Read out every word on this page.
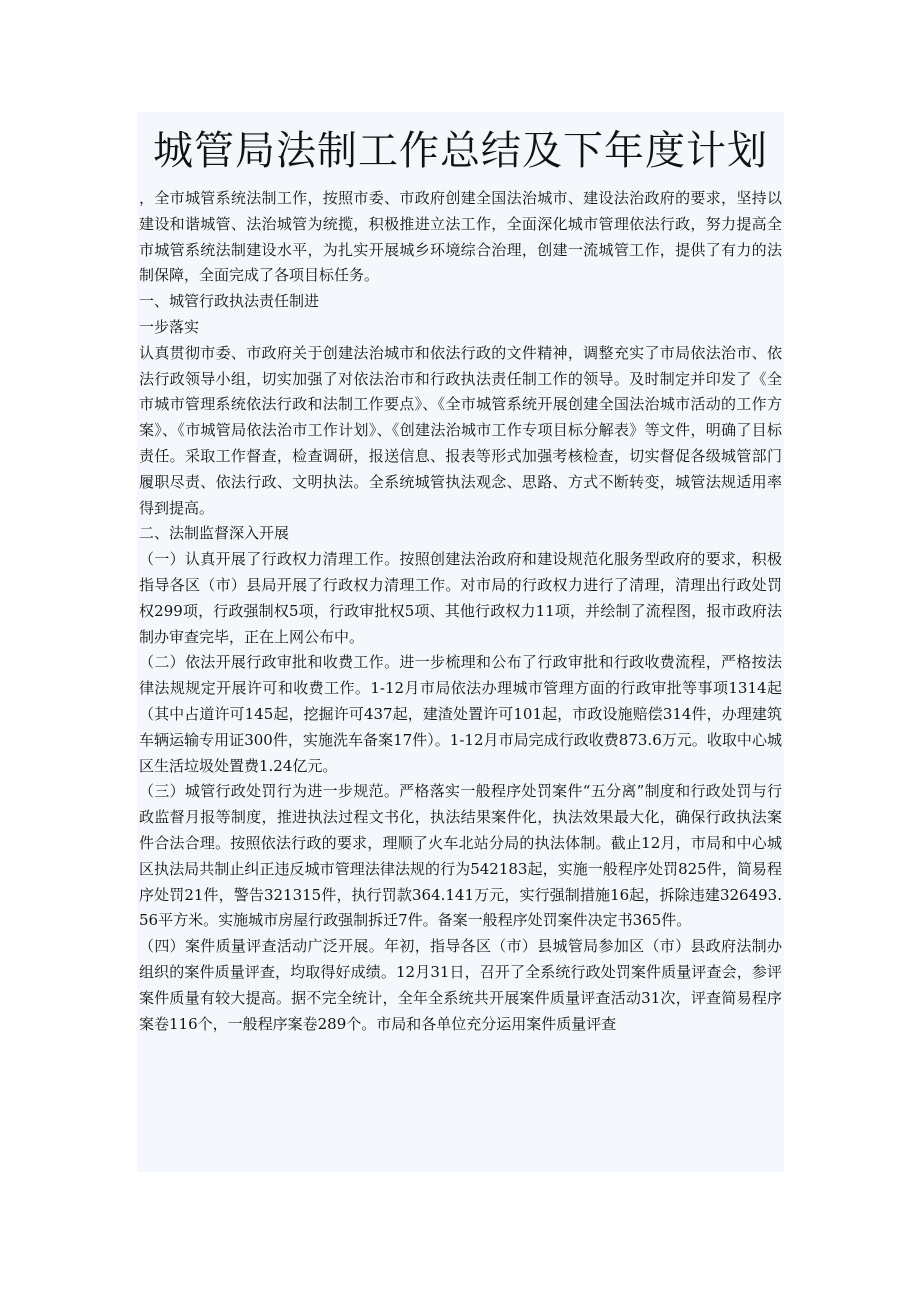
城管局法制工作总结及下年度计划

，全市城管系统法制工作，按照市委、市政府创建全国法治城市、建设法治政府的要求，坚持以建设和谐城管、法治城管为统揽，积极推进立法工作，全面深化城市管理依法行政，努力提高全市城管系统法制建设水平，为扎实开展城乡环境综合治理，创建一流城管工作，提供了有力的法制保障，全面完成了各项目标任务。

一、城管行政执法责任制进

一步落实

认真贯彻市委、市政府关于创建法治城市和依法行政的文件精神，调整充实了市局依法治市、依法行政领导小组，切实加强了对依法治市和行政执法责任制工作的领导。及时制定并印发了《全市城市管理系统依法行政和法制工作要点》、《全市城管系统开展创建全国法治城市活动的工作方案》、《市城管局依法治市工作计划》、《创建法治城市工作专项目标分解表》等文件，明确了目标责任。采取工作督查，检查调研，报送信息、报表等形式加强考核检查，切实督促各级城管部门履职尽责、依法行政、文明执法。全系统城管执法观念、思路、方式不断转变，城管法规适用率得到提高。

二、法制监督深入开展

（一）认真开展了行政权力清理工作。按照创建法治政府和建设规范化服务型政府的要求，积极指导各区（市）县局开展了行政权力清理工作。对市局的行政权力进行了清理，清理出行政处罚权299项，行政强制权5项，行政审批权5项、其他行政权力11项，并绘制了流程图，报市政府法制办审查完毕，正在上网公布中。

（二）依法开展行政审批和收费工作。进一步梳理和公布了行政审批和行政收费流程，严格按法律法规规定开展许可和收费工作。1-12月市局依法办理城市管理方面的行政审批等事项1314起（其中占道许可145起，挖掘许可437起，建渣处置许可101起，市政设施赔偿314件，办理建筑车辆运输专用证300件，实施洗车备案17件）。1-12月市局完成行政收费873.6万元。收取中心城区生活垃圾处置费1.24亿元。

（三）城管行政处罚行为进一步规范。严格落实一般程序处罚案件“五分离”制度和行政处罚与行政监督月报等制度，推进执法过程文书化，执法结果案件化，执法效果最大化，确保行政执法案件合法合理。按照依法行政的要求，理顺了火车北站分局的执法体制。截止12月，市局和中心城区执法局共制止纠正违反城市管理法律法规的行为542183起，实施一般程序处罚825件，简易程序处罚21件，警告321315件，执行罚款364.141万元，实行强制措施16起，拆除违建326493.56平方米。实施城市房屋行政强制拆迁7件。备案一般程序处罚案件决定书365件。

（四）案件质量评查活动广泛开展。年初，指导各区（市）县城管局参加区（市）县政府法制办组织的案件质量评查，均取得好成绩。12月31日，召开了全系统行政处罚案件质量评查会，参评案件质量有较大提高。据不完全统计，全年全系统共开展案件质量评查活动31次，评查简易程序案卷116个，一般程序案卷289个。市局和各单位充分运用案件质量评查
